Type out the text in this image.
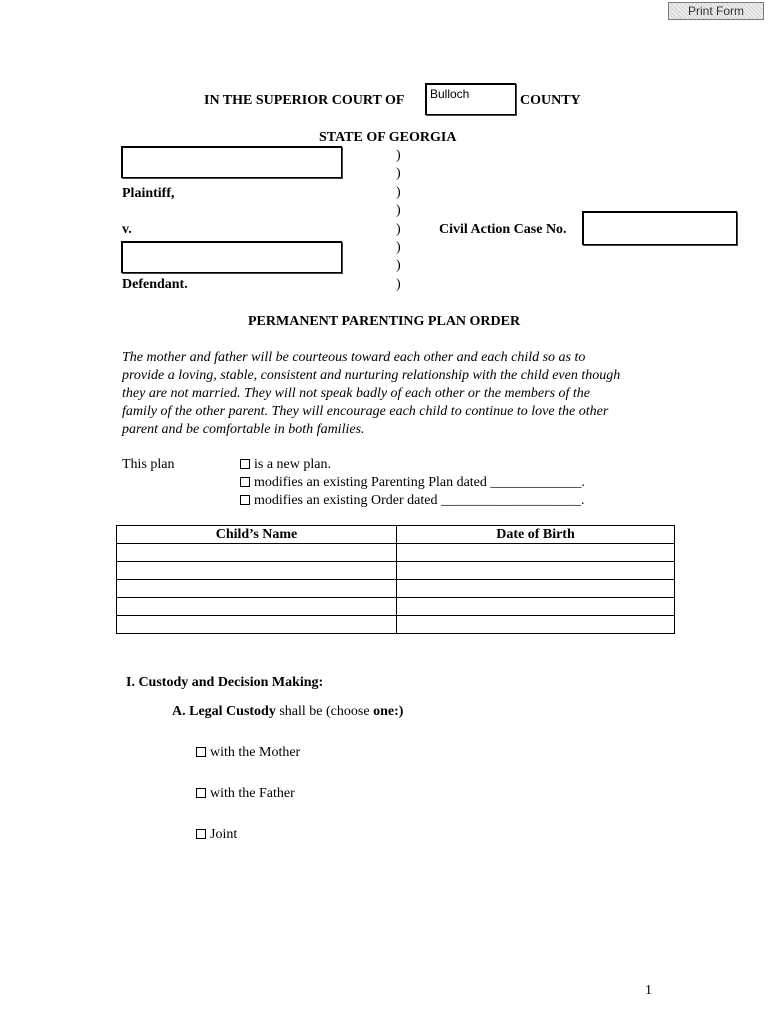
Print Form
IN THE SUPERIOR COURT OF	Bulloch	COUNTY
STATE OF GEORGIA
Plaintiff,
v.
Defendant.
Civil Action Case No.
)
)
)
)
)
)
)
)
PERMANENT PARENTING PLAN ORDER
The mother and father will be courteous toward each other and each child so as to
provide a loving, stable, consistent and nurturing relationship with the child even though
they are not married. They will not speak badly of each other or the members of the
family of the other parent. They will encourage each child to continue to love the other
parent and be comfortable in both families.
This plan	is a new plan.
modifies an existing Parenting Plan dated _____________.
modifies an existing Order dated ____________________.
Child’s Name	Date of Birth

I. Custody and Decision Making:
A. Legal Custody shall be (choose one:)
with the Mother
with the Father
Joint
1
